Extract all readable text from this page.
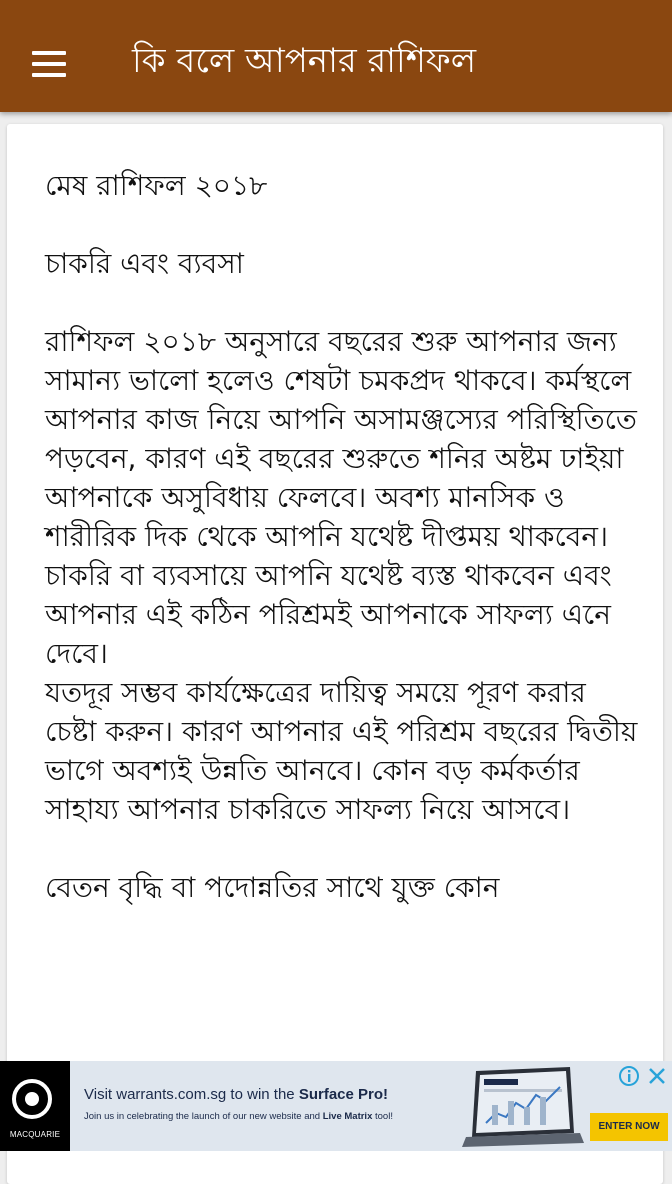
কি বলে আপনার রাশিফল

মেষ রাশিফল ২০১৮

চাকরি এবং ব্যবসা

রাশিফল ২০১৮ অনুসারে বছরের শুরু আপনার জন্য সামান্য ভালো হলেও শেষটা চমকপ্রদ থাকবে। কর্মস্থলে আপনার কাজ নিয়ে আপনি অসামঞ্জস্যের পরিস্থিতিতে পড়বেন, কারণ এই বছরের শুরুতে শনির অষ্টম ঢাইয়া

আপনাকে অসুবিধায় ফেলবে। অবশ্য মানসিক ও শারীরিক দিক থেকে আপনি যথেষ্ট দীপ্তময় থাকবেন। চাকরি বা ব্যবসায়ে আপনি যথেষ্ট ব্যস্ত থাকবেন এবং আপনার এই কঠিন পরিশ্রমই আপনাকে সাফল্য এনে দেবে।

যতদূর সম্ভব কার্যক্ষেত্রের দায়িত্ব সময়ে পূরণ করার চেষ্টা করুন। কারণ আপনার এই পরিশ্রম বছরের দ্বিতীয় ভাগে অবশ্যই উন্নতি আনবে। কোন বড় কর্মকর্তার সাহায্য আপনার চাকরিতে সাফল্য নিয়ে আসবে।

বেতন বৃদ্ধি বা পদোন্নতির সাথে যুক্ত কোন

MACQUARIE
Visit warrants.com.sg to win the Surface Pro!
Join us in celebrating the launch of our new website and Live Matrix tool!
ENTER NOW
